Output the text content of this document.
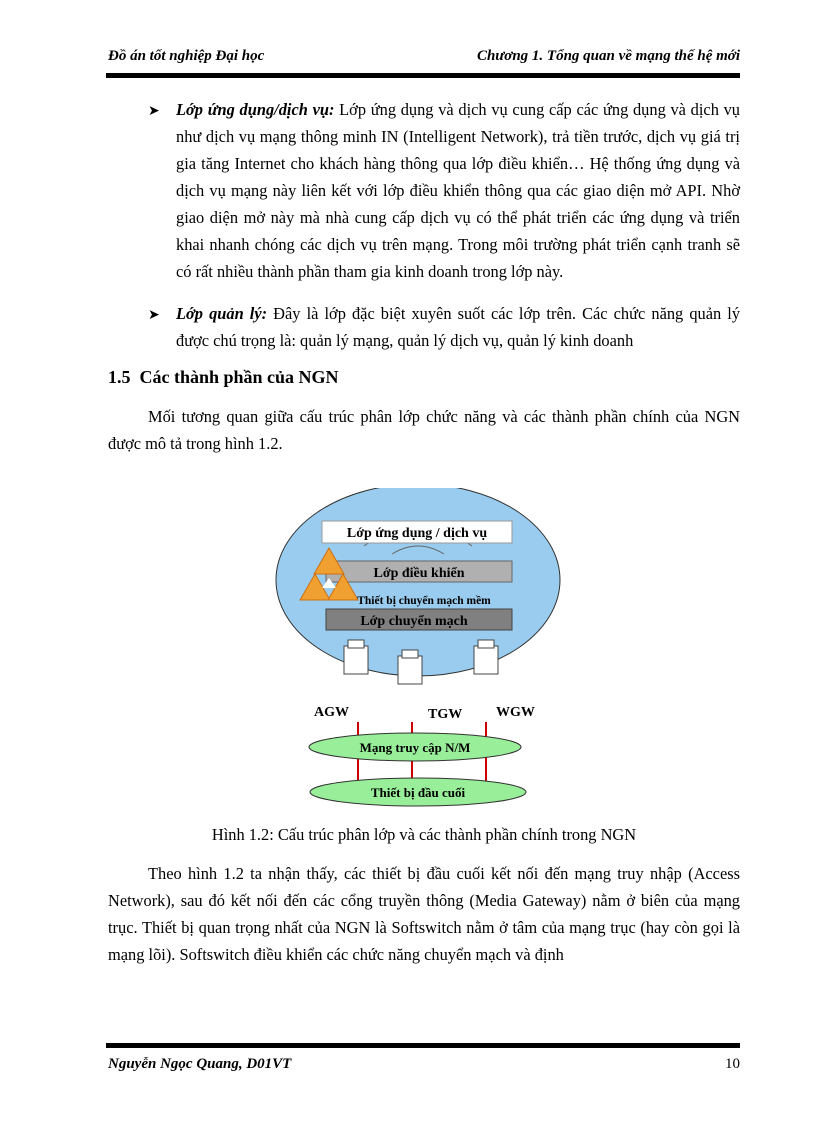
Đồ án tốt nghiệp Đại học	Chương 1. Tổng quan về mạng thế hệ mới
➤ Lớp ứng dụng/dịch vụ: Lớp ứng dụng và dịch vụ cung cấp các ứng dụng và dịch vụ như dịch vụ mạng thông minh IN (Intelligent Network), trả tiền trước, dịch vụ giá trị gia tăng Internet cho khách hàng thông qua lớp điều khiển… Hệ thống ứng dụng và dịch vụ mạng này liên kết với lớp điều khiển thông qua các giao diện mở API. Nhờ giao diện mở này mà nhà cung cấp dịch vụ có thể phát triển các ứng dụng và triển khai nhanh chóng các dịch vụ trên mạng. Trong môi trường phát triển cạnh tranh sẽ có rất nhiều thành phần tham gia kinh doanh trong lớp này.
➤ Lớp quản lý: Đây là lớp đặc biệt xuyên suốt các lớp trên. Các chức năng quản lý được chú trọng là: quản lý mạng, quản lý dịch vụ, quản lý kinh doanh
1.5 Các thành phần của NGN
Mối tương quan giữa cấu trúc phân lớp chức năng và các thành phần chính của NGN được mô tả trong hình 1.2.
Lớp ứng dụng / dịch vụ
Lớp điều khiển
Thiết bị chuyển mạch mềm
Lớp chuyển mạch
AGW	TGW WGW
Mạng truy cập N/M
Thiết bị đầu cuối
Hình 1.2: Cấu trúc phân lớp và các thành phần chính trong NGN
Theo hình 1.2 ta nhận thấy, các thiết bị đầu cuối kết nối đến mạng truy nhập (Access Network), sau đó kết nối đến các cổng truyền thông (Media Gateway) nằm ở biên của mạng trục. Thiết bị quan trọng nhất của NGN là Softswitch nằm ở tâm của mạng trục (hay còn gọi là mạng lõi). Softswitch điều khiển các chức năng chuyển mạch và định
Nguyễn Ngọc Quang, D01VT	10
